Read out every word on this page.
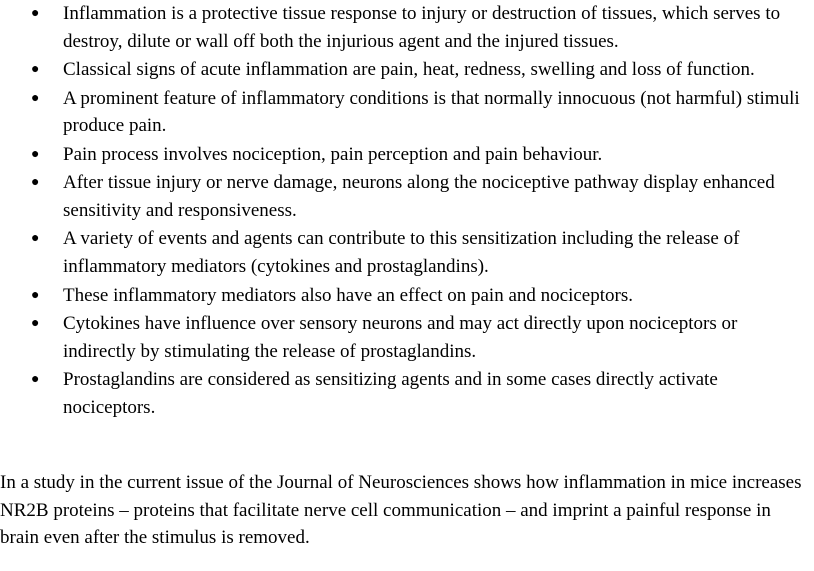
● Inflammation is a protective tissue response to injury or destruction of tissues, which serves to destroy, dilute or wall off both the injurious agent and the injured tissues.
● Classical signs of acute inflammation are pain, heat, redness, swelling and loss of function.
● A prominent feature of inflammatory conditions is that normally innocuous (not harmful) stimuli produce pain.
● Pain process involves nociception, pain perception and pain behaviour.
● After tissue injury or nerve damage, neurons along the nociceptive pathway display enhanced sensitivity and responsiveness.
● A variety of events and agents can contribute to this sensitization including the release of inflammatory mediators (cytokines and prostaglandins).
● These inflammatory mediators also have an effect on pain and nociceptors.
● Cytokines have influence over sensory neurons and may act directly upon nociceptors or indirectly by stimulating the release of prostaglandins.
● Prostaglandins are considered as sensitizing agents and in some cases directly activate nociceptors.

In a study in the current issue of the Journal of Neurosciences shows how inflammation in mice increases NR2B proteins – proteins that facilitate nerve cell communication – and imprint a painful response in brain even after the stimulus is removed.
